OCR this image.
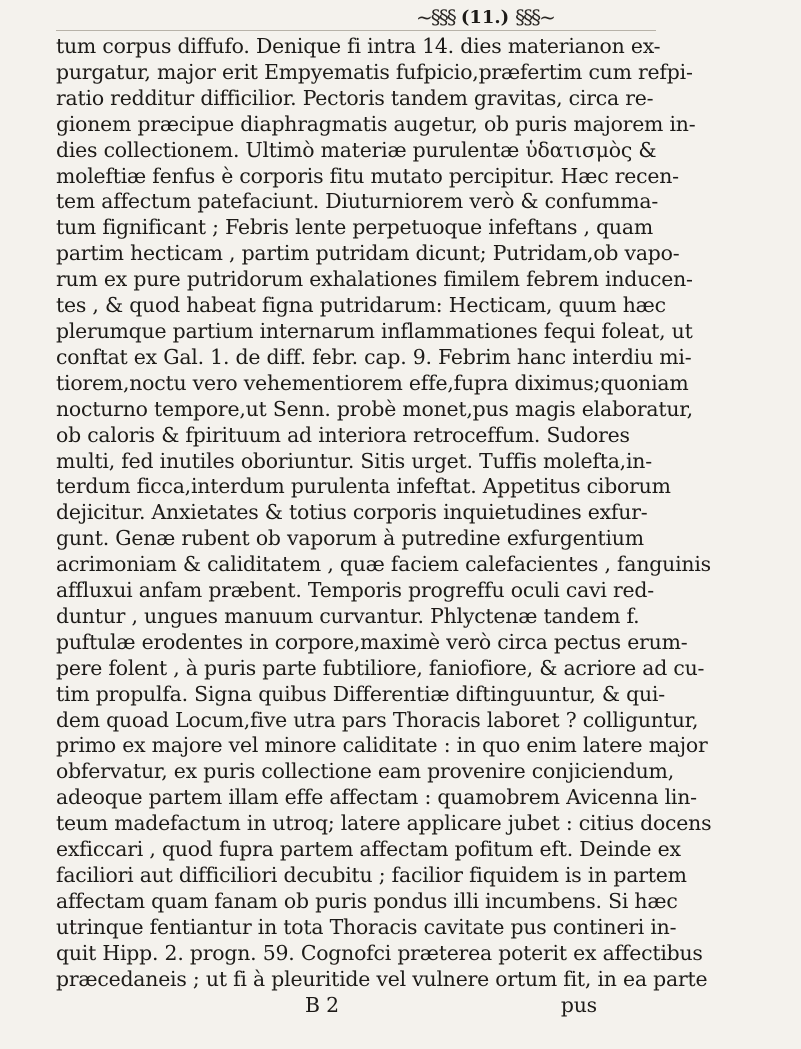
~§§§ (11.) §§§~
tum corpus diffufo. Denique fi intra 14. dies materianon ex-
purgatur, major erit Empyematis fufpicio,præfertim cum refpi-
ratio redditur difficilior. Pectoris tandem gravitas, circa re-
gionem præcipue diaphragmatis augetur, ob puris majorem in-
dies collectionem. Ultimò materiæ purulentæ ὑδατισμὸς &
moleftiæ fenfus è corporis fitu mutato percipitur. Hæc recen-
tem affectum patefaciunt. Diuturniorem verò & confumma-
tum fignificant ; Febris lente perpetuoque infeftans , quam
partim hecticam , partim putridam dicunt; Putridam,ob vapo-
rum ex pure putridorum exhalationes fimilem febrem inducen-
tes , & quod habeat figna putridarum: Hecticam, quum hæc
plerumque partium internarum inflammationes fequi foleat, ut
conftat ex Gal. 1. de diff. febr. cap. 9. Febrim hanc interdiu mi-
tiorem,noctu vero vehementiorem effe,fupra diximus;quoniam
nocturno tempore,ut Senn. probè monet,pus magis elaboratur,
ob caloris & fpirituum ad interiora retroceffum. Sudores
multi, fed inutiles oboriuntur. Sitis urget. Tuffis molefta,in-
terdum ficca,interdum purulenta infeftat. Appetitus ciborum
dejicitur. Anxietates & totius corporis inquietudines exfur-
gunt. Genæ rubent ob vaporum à putredine exfurgentium
acrimoniam & caliditatem , quæ faciem calefacientes , fanguinis
affluxui anfam præbent. Temporis progreffu oculi cavi red-
duntur , ungues manuum curvantur. Phlyctenæ tandem f.
puftulæ erodentes in corpore,maximè verò circa pectus erum-
pere folent , à puris parte fubtiliore, faniofiore, & acriore ad cu-
tim propulfa. Signa quibus Differentiæ diftinguuntur, & qui-
dem quoad Locum,five utra pars Thoracis laboret ? colliguntur,
primo ex majore vel minore caliditate : in quo enim latere major
obfervatur, ex puris collectione eam provenire conjiciendum,
adeoque partem illam effe affectam : quamobrem Avicenna lin-
teum madefactum in utroq; latere applicare jubet : citius docens
exficcari , quod fupra partem affectam pofitum eft. Deinde ex
faciliori aut difficiliori decubitu ; facilior fiquidem is in partem
affectam quam fanam ob puris pondus illi incumbens. Si hæc
utrinque fentiantur in tota Thoracis cavitate pus contineri in-
quit Hipp. 2. progn. 59. Cognofci præterea poterit ex affectibus
præcedaneis ; ut fi à pleuritide vel vulnere ortum fit, in ea parte
B 2	pus
